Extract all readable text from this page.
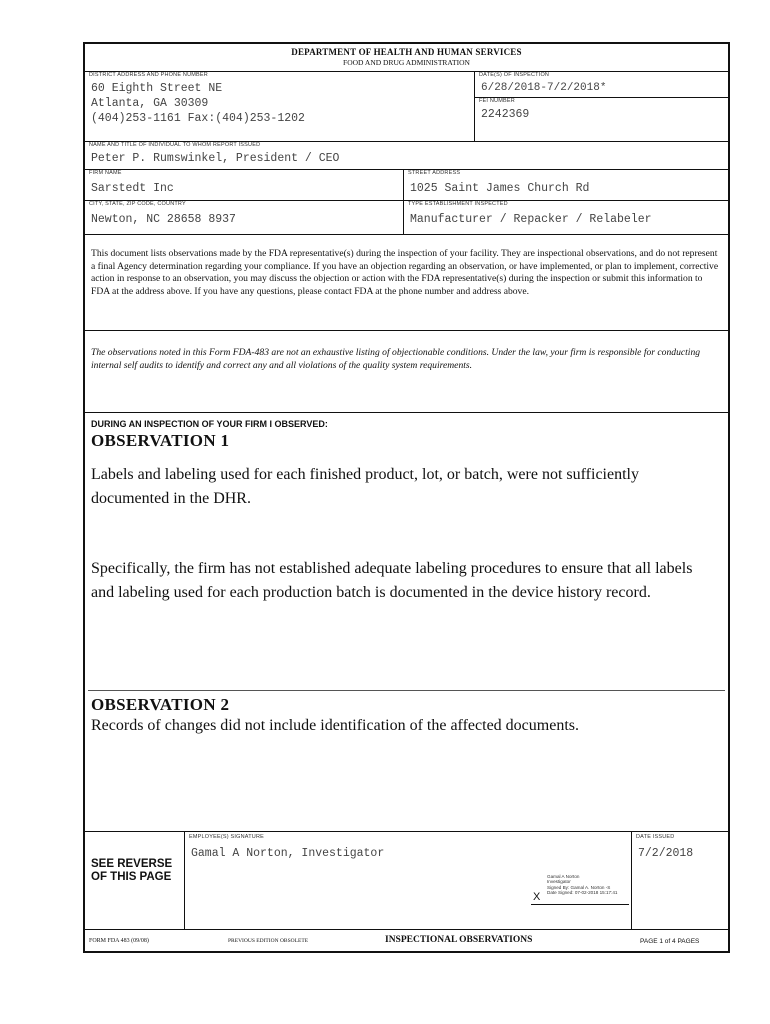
DEPARTMENT OF HEALTH AND HUMAN SERVICES
FOOD AND DRUG ADMINISTRATION
DISTRICT ADDRESS AND PHONE NUMBER
60 Eighth Street NE
Atlanta, GA 30309
(404)253-1161 Fax:(404)253-1202
DATE(S) OF INSPECTION
6/28/2018-7/2/2018*
FEI NUMBER
2242369
NAME AND TITLE OF INDIVIDUAL TO WHOM REPORT ISSUED
Peter P. Rumswinkel, President / CEO
FIRM NAME
Sarstedt Inc
STREET ADDRESS
1025 Saint James Church Rd
CITY, STATE, ZIP CODE, COUNTRY
Newton, NC 28658 8937
TYPE ESTABLISHMENT INSPECTED
Manufacturer / Repacker / Relabeler
This document lists observations made by the FDA representative(s) during the inspection of your facility. They are inspectional observations, and do not represent a final Agency determination regarding your compliance. If you have an objection regarding an observation, or have implemented, or plan to implement, corrective action in response to an observation, you may discuss the objection or action with the FDA representative(s) during the inspection or submit this information to FDA at the address above. If you have any questions, please contact FDA at the phone number and address above.
The observations noted in this Form FDA-483 are not an exhaustive listing of objectionable conditions. Under the law, your firm is responsible for conducting internal self audits to identify and correct any and all violations of the quality system requirements.
DURING AN INSPECTION OF YOUR FIRM I OBSERVED:
OBSERVATION 1
Labels and labeling used for each finished product, lot, or batch, were not sufficiently documented in the DHR.
Specifically, the firm has not established adequate labeling procedures to ensure that all labels and labeling used for each production batch is documented in the device history record.
OBSERVATION 2
Records of changes did not include identification of the affected documents.
SEE REVERSE OF THIS PAGE
EMPLOYEE(S) SIGNATURE
Gamal A Norton, Investigator
Gamal A Norton
Investigator
Signed By: Gamal A. Norton -S
Date Signed: 07-02-2018 15:17:41
X
DATE ISSUED
7/2/2018
FORM FDA 483 (09/08)	PREVIOUS EDITION OBSOLETE	INSPECTIONAL OBSERVATIONS	PAGE 1 of 4 PAGES
